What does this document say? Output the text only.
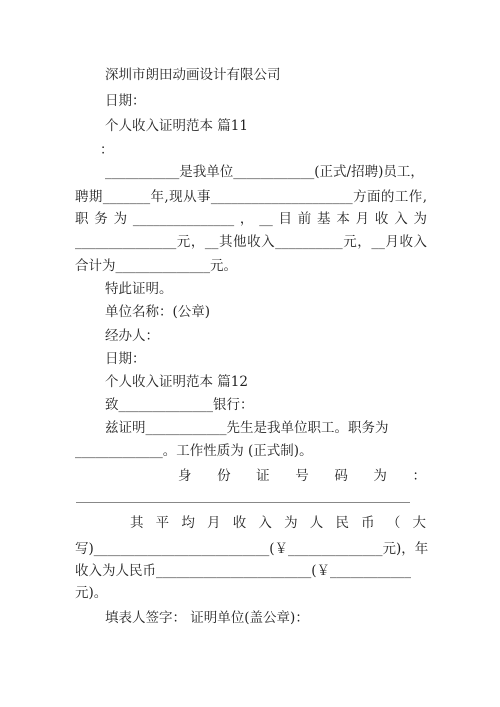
深圳市朗田动画设计有限公司
日期：
个人收入证明范本 篇11
：
___________是我单位____________(正式/招聘)员工，
聘期_______年,现从事_____________________方面的工作,
职务为_______________，__目前基本月收入为
_______________元，__其他收入__________元，__月收入
合计为______________元。
特此证明。
单位名称：(公章)
经办人：
日期：
个人收入证明范本 篇12
致______________银行：
兹证明____________先生是我单位职工。职务为
_____________。工作性质为 (正式制)。
身份证号码为：
其平均月收入为人民币（大
写)__________________________(￥______________元)，年
收入为人民币_______________________(￥____________
元)。
填表人签字： 证明单位(盖公章)：
